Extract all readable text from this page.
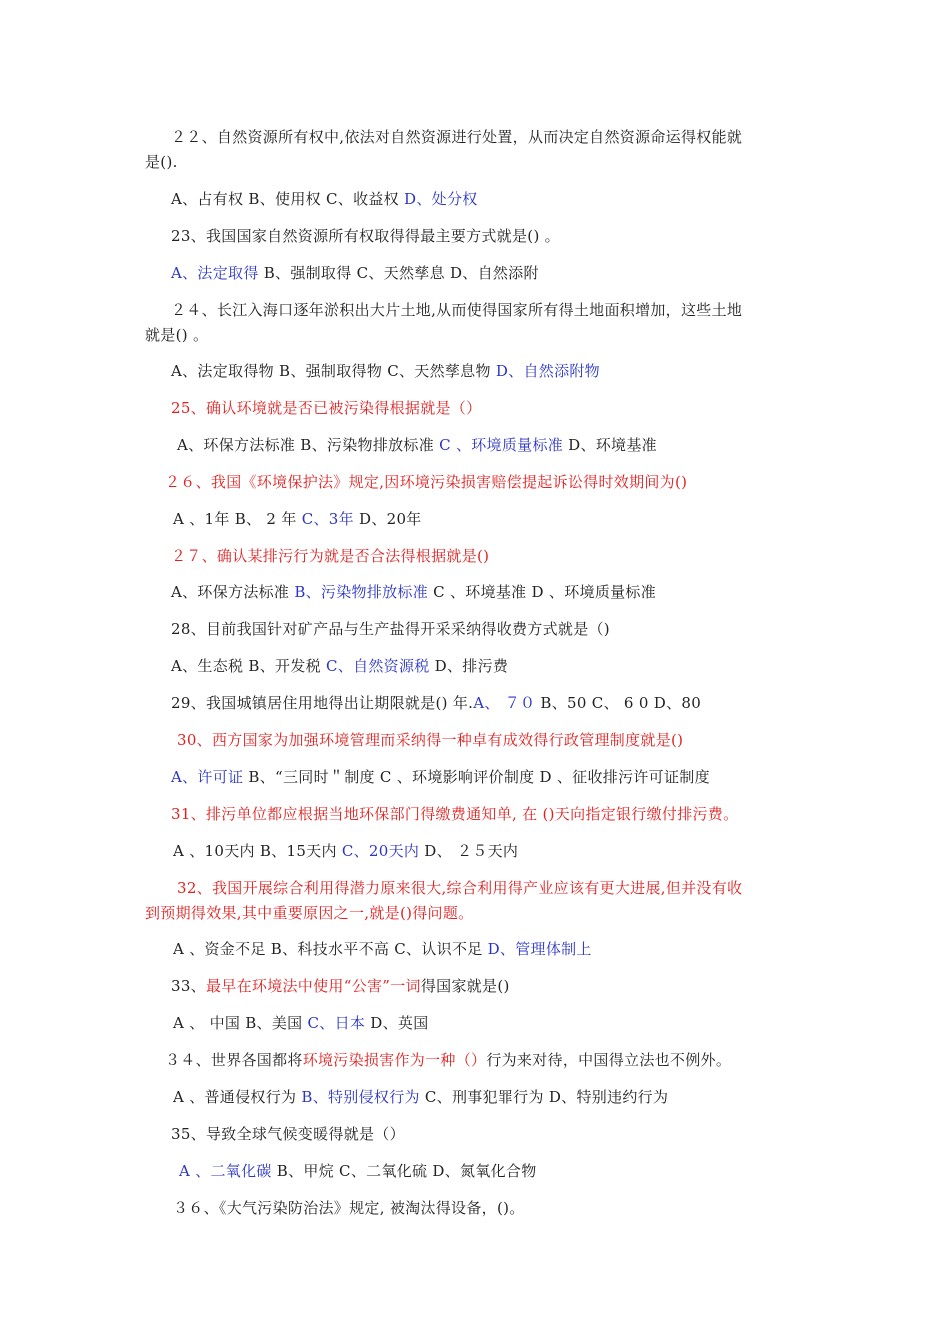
２２、自然资源所有权中,依法对自然资源进行处置，从而决定自然资源命运得权能就
是().
A、占有权 B、使用权 C、收益权 D、处分权
23、我国国家自然资源所有权取得得最主要方式就是() 。
A、法定取得 B、强制取得 C、天然孳息 D、自然添附
２４、长江入海口逐年淤积出大片土地,从而使得国家所有得土地面积增加，这些土地
就是() 。
A、法定取得物 B、强制取得物 C、天然孳息物 D、自然添附物
25、确认环境就是否已被污染得根据就是（）
A、环保方法标准 B、污染物排放标准 C 、环境质量标准 D、环境基准
２６、我国《环境保护法》规定,因环境污染损害赔偿提起诉讼得时效期间为()
A 、1年 B、 2 年 C、3年 D、20年
２７、确认某排污行为就是否合法得根据就是()
A、环保方法标准 B、污染物排放标准 C 、环境基准 D 、环境质量标准
28、目前我国针对矿产品与生产盐得开采采纳得收费方式就是（)
A、生态税 B、开发税 C、自然资源税 D、排污费
29、我国城镇居住用地得出让期限就是() 年.A、 ７０ B、50 C、 6 0 D、80
30、西方国家为加强环境管理而采纳得一种卓有成效得行政管理制度就是()
A、许可证 B、“三同时＂制度 C 、环境影响评价制度 D 、征收排污许可证制度
31、排污单位都应根据当地环保部门得缴费通知单, 在 ()天向指定银行缴付排污费。
A 、10天内 B、15天内 C、20天内 D、 ２５天内
32、我国开展综合利用得潜力原来很大,综合利用得产业应该有更大进展,但并没有收
到预期得效果,其中重要原因之一,就是()得问题。
A 、资金不足 B、科技水平不高 C、认识不足 D、管理体制上
33、最早在环境法中使用“公害”一词得国家就是()
A 、 中国 B、美国 C、日本 D、英国
３４、世界各国都将环境污染损害作为一种（）行为来对待，中国得立法也不例外。
A 、普通侵权行为 B、特别侵权行为 C、刑事犯罪行为 D、特别违约行为
35、导致全球气候变暖得就是（）
A 、二氧化碳 B、甲烷 C、二氧化硫 D、氮氧化合物
３６、《大气污染防治法》规定, 被淘汰得设备，()。
